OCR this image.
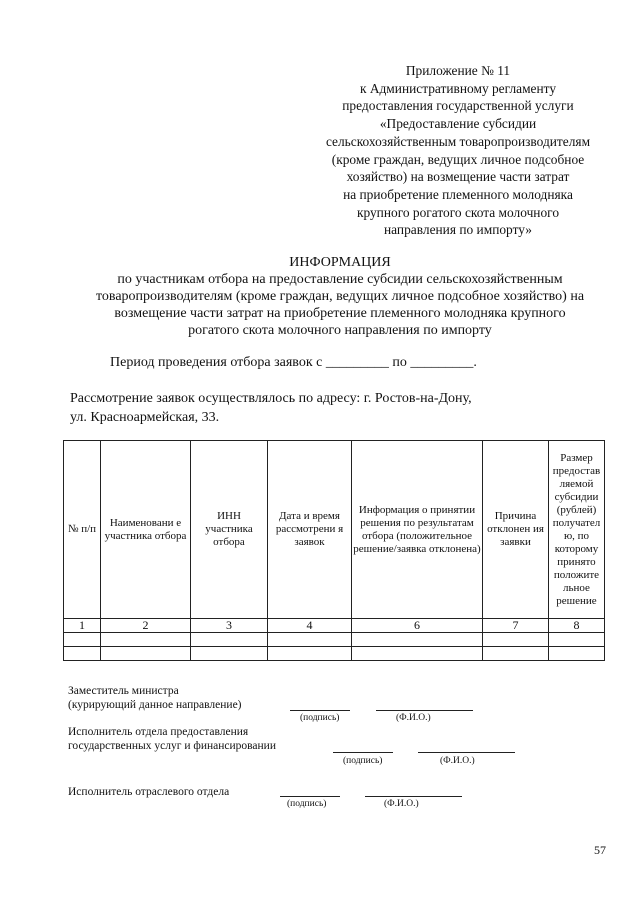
Приложение № 11
к Административному регламенту
предоставления государственной услуги
«Предоставление субсидии
сельскохозяйственным товаропроизводителям
(кроме граждан, ведущих личное подсобное
хозяйство) на возмещение части затрат
на приобретение племенного молодняка
крупного рогатого скота молочного
направления по импорту»
ИНФОРМАЦИЯ
по участникам отбора на предоставление субсидии сельскохозяйственным
товаропроизводителям (кроме граждан, ведущих личное подсобное хозяйство) на
возмещение части затрат на приобретение племенного молодняка крупного
рогатого скота молочного направления по импорту
Период проведения отбора заявок с _________ по _________.
Рассмотрение заявок осуществлялось по адресу: г. Ростов-на-Дону,
ул. Красноармейская, 33.
№ п/п	Наименовани е участника отбора	ИНН участника отбора	Дата и время рассмотрени я заявок	Информация о принятии решения по результатам отбора (положительное решение/заявка отклонена)	Причина отклонен ия заявки	Размер предостав ляемой субсидии (рублей) получател ю, по которому принято положите льное решение
1	2	3	4	6	7	8

Заместитель министра
(курирующий данное направление)
(подпись)	(Ф.И.О.)
Исполнитель отдела предоставления
государственных услуг и финансировании
(подпись)	(Ф.И.О.)
Исполнитель отраслевого отдела
(подпись)	(Ф.И.О.)
57
